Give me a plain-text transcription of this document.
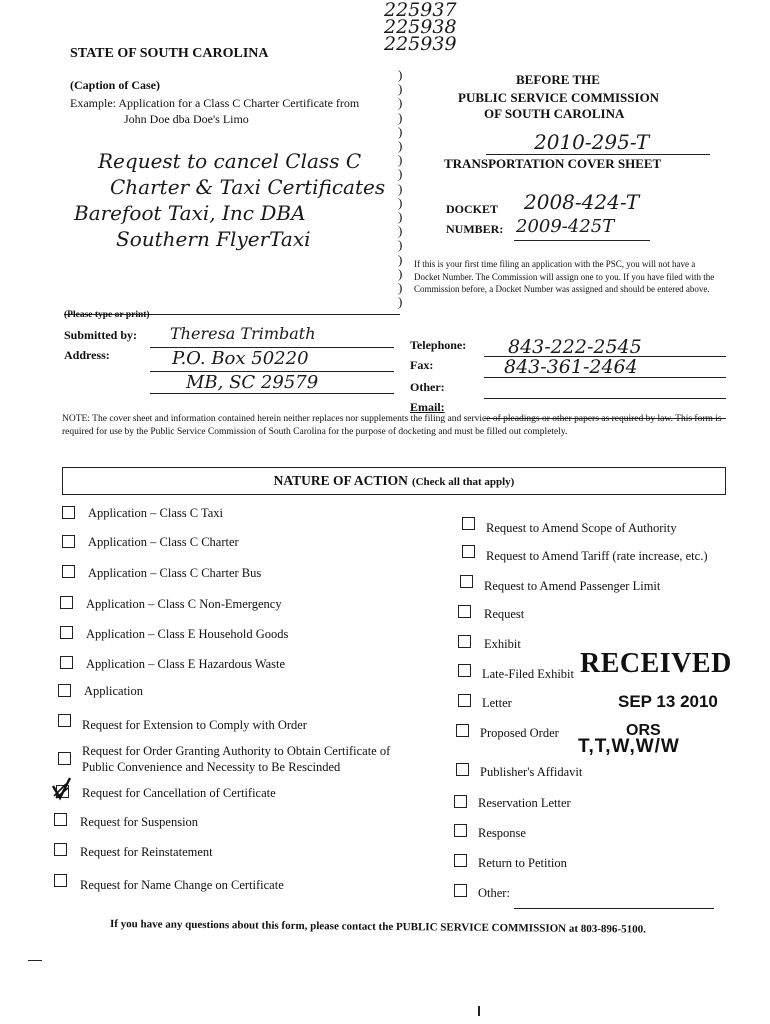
225937
225938
225939
STATE OF SOUTH CAROLINA
(Caption of Case)
Example: Application for a Class C Charter Certificate from
John Doe dba Doe's Limo
Request to cancel Class C
Charter & Taxi Certificates
Barefoot Taxi, Inc DBA
Southern FlyerTaxi
)
)
)
)
)
)
)
)
)
)
)
)
)
)
)
)
)
BEFORE THE
PUBLIC SERVICE COMMISSION
OF SOUTH CAROLINA
2010-295-T
TRANSPORTATION COVER SHEET
DOCKET 2008-424-T
NUMBER: 2009-425T
If this is your first time filing an application with the PSC, you will not have a Docket Number. The Commission will assign one to you. If you have filed with the Commission before, a Docket Number was assigned and should be entered above.
(Please type or print)
Submitted by: Theresa Trimbath
Address:	P.O. Box 50220
MB, SC 29579
Telephone: 843-222-2545
Fax:	843-361-2464
Other:
Email:
NOTE: The cover sheet and information contained herein neither replaces nor supplements the filing and service of pleadings or other papers as required by law. This form is required for use by the Public Service Commission of South Carolina for the purpose of docketing and must be filled out completely.
NATURE OF ACTION (Check all that apply)
Application – Class C Taxi
Application – Class C Charter
Application – Class C Charter Bus
Application – Class C Non-Emergency
Application – Class E Household Goods
Application – Class E Hazardous Waste
Application
Request for Extension to Comply with Order
Request for Order Granting Authority to Obtain Certificate of
Public Convenience and Necessity to Be Rescinded
Request for Cancellation of Certificate
Request for Suspension
Request for Reinstatement
Request for Name Change on Certificate
Request to Amend Scope of Authority
Request to Amend Tariff (rate increase, etc.)
Request to Amend Passenger Limit
Request
Exhibit
Late-Filed Exhibit
Letter
Proposed Order
Publisher's Affidavit
Reservation Letter
Response
Return to Petition
Other:
RECEIVED
SEP 13 2010
ORS
T,T,W,W/W
If you have any questions about this form, please contact the PUBLIC SERVICE COMMISSION at 803-896-5100.
